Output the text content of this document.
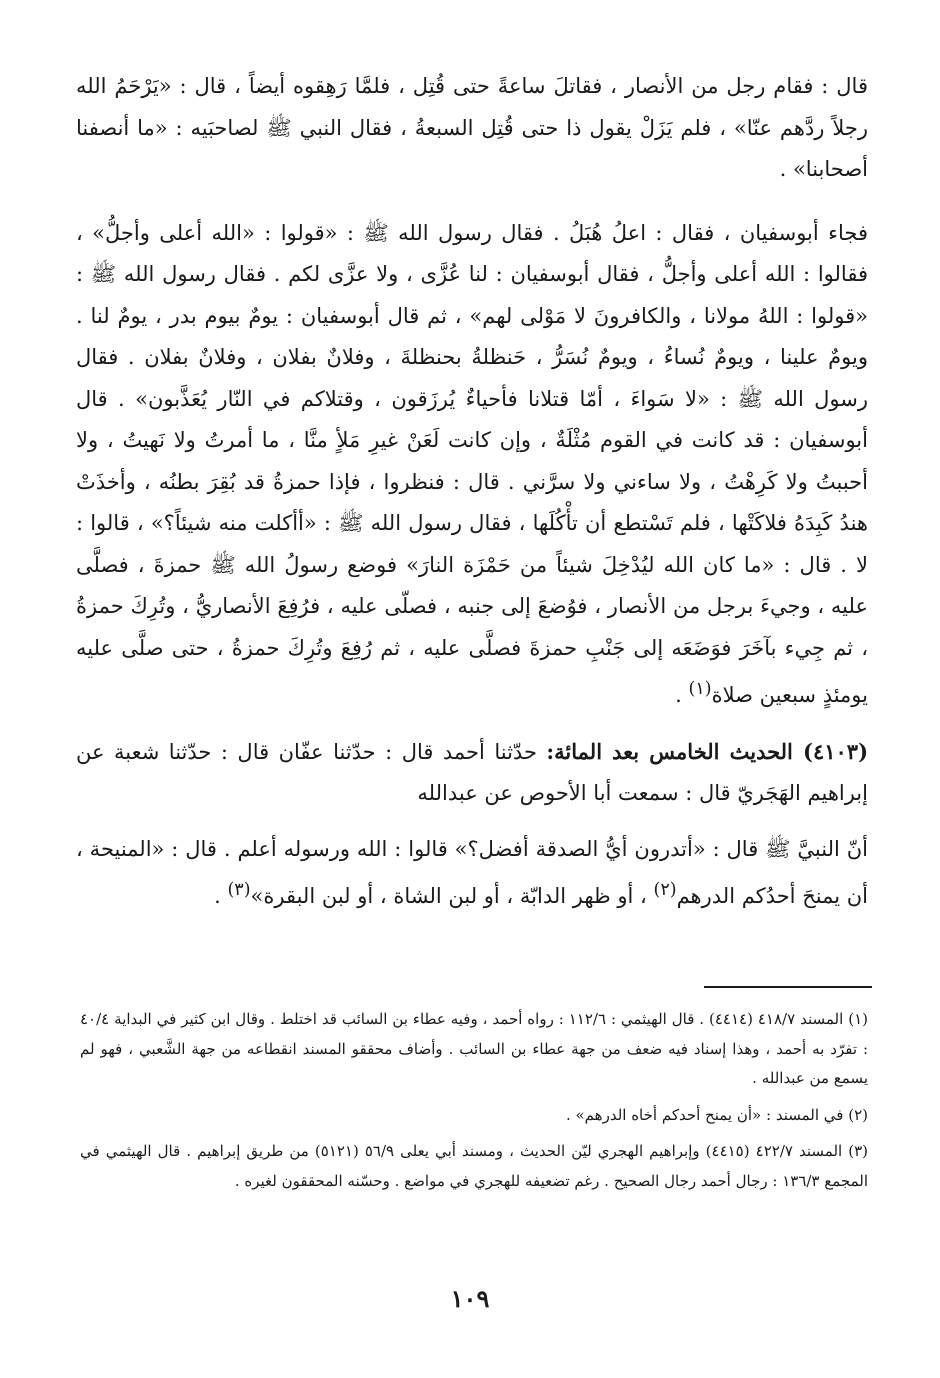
قال : فقام رجل من الأنصار ، فقاتلَ ساعةً حتى قُتِل ، فلمَّا رَهِقوه أيضاً ، قال : «يَرْحَمُ الله رجلاً ردَّهم عنّا» ، فلم يَزَلْ يقول ذا حتى قُتِل السبعةُ ، فقال النبي ﷺ لصاحبَيه : «ما أنصفنا أصحابنا» .

فجاء أبوسفيان ، فقال : اعلُ هُبَلُ . فقال رسول الله ﷺ : «قولوا : «الله أعلى وأجلُّ» ، فقالوا : الله أعلى وأجلُّ ، فقال أبوسفيان : لنا عُزَّى ، ولا عزَّى لكم . فقال رسول الله ﷺ : «قولوا : اللهُ مولانا ، والكافرونَ لا مَوْلى لهم» ، ثم قال أبوسفيان : يومٌ بيوم بدر ، يومٌ لنا . ويومٌ علينا ، ويومٌ نُساءُ ، ويومٌ نُسَرُّ ، حَنظلةُ بحنظلةَ ، وفلانٌ بفلان ، وفلانٌ بفلان . فقال رسول الله ﷺ : «لا سَواءَ ، أمّا قتلانا فأحياءٌ يُرزَقون ، وقتلاكم في النّار يُعَذَّبون» . قال أبوسفيان : قد كانت في القوم مُثْلَةٌ ، وإن كانت لَعَنْ غيرِ مَلأٍ منَّا ، ما أمرتُ ولا نَهيتُ ، ولا أحببتُ ولا كَرِهْتُ ، ولا ساءني ولا سرَّني . قال : فنظروا ، فإذا حمزةُ قد بُقِرَ بطنُه ، وأخذَتْ هندُ كَبِدَهُ فلاكَتْها ، فلم تَسْتطع أن تأْكُلَها ، فقال رسول الله ﷺ : «أأكلت منه شيئاً؟» ، قالوا : لا . قال : «ما كان الله ليُدْخِلَ شيئاً من حَمْزَة النارَ» فوضع رسولُ الله ﷺ حمزةَ ، فصلَّى عليه ، وجيءَ برجل من الأنصار ، فوُضعَ إلى جنبه ، فصلّى عليه ، فرُفِعَ الأنصاريُّ ، وتُرِكَ حمزةُ ، ثم جِيء بآخَرَ فوَضَعَه إلى جَنْبِ حمزةَ فصلَّى عليه ، ثم رُفِعَ وتُرِكَ حمزةُ ، حتى صلَّى عليه يومئذٍ سبعين صلاة$^{(١)}$ .

(٤١٠٣) الحديث الخامس بعد المائة: حدّثنا أحمد قال : حدّثنا عفّان قال : حدّثنا شعبة عن إبراهيم الهَجَريّ قال : سمعت أبا الأحوص عن عبدالله

أنّ النبيَّ ﷺ قال : «أتدرون أيُّ الصدقة أفضل؟» قالوا : الله ورسوله أعلم . قال : «المنيحة ، أن يمنحَ أحدُكم الدرهم$^{(٢)}$ ، أو ظهر الدابّة ، أو لبن الشاة ، أو لبن البقرة»$^{(٣)}$ .

(١) المسند ٤١٨/٧ (٤٤١٤) . قال الهيثمي : ١١٢/٦ : رواه أحمد ، وفيه عطاء بن السائب قد اختلط . وقال ابن كثير في البداية ٤٠/٤ : تفرّد به أحمد ، وهذا إسناد فيه ضعف من جهة عطاء بن السائب . وأضاف محققو المسند انقطاعه من جهة الشَّعبي ، فهو لم يسمع من عبدالله .

(٢) في المسند : «أن يمنح أحدكم أخاه الدرهم» .

(٣) المسند ٤٢٢/٧ (٤٤١٥) وإبراهيم الهجري ليّن الحديث ، ومسند أبي يعلى ٥٦/٩ (٥١٢١) من طريق إبراهيم . قال الهيثمي في المجمع ١٣٦/٣ : رجال أحمد رجال الصحيح . رغم تضعيفه للهجري في مواضع . وحسّنه المحققون لغيره .

١٠٩
